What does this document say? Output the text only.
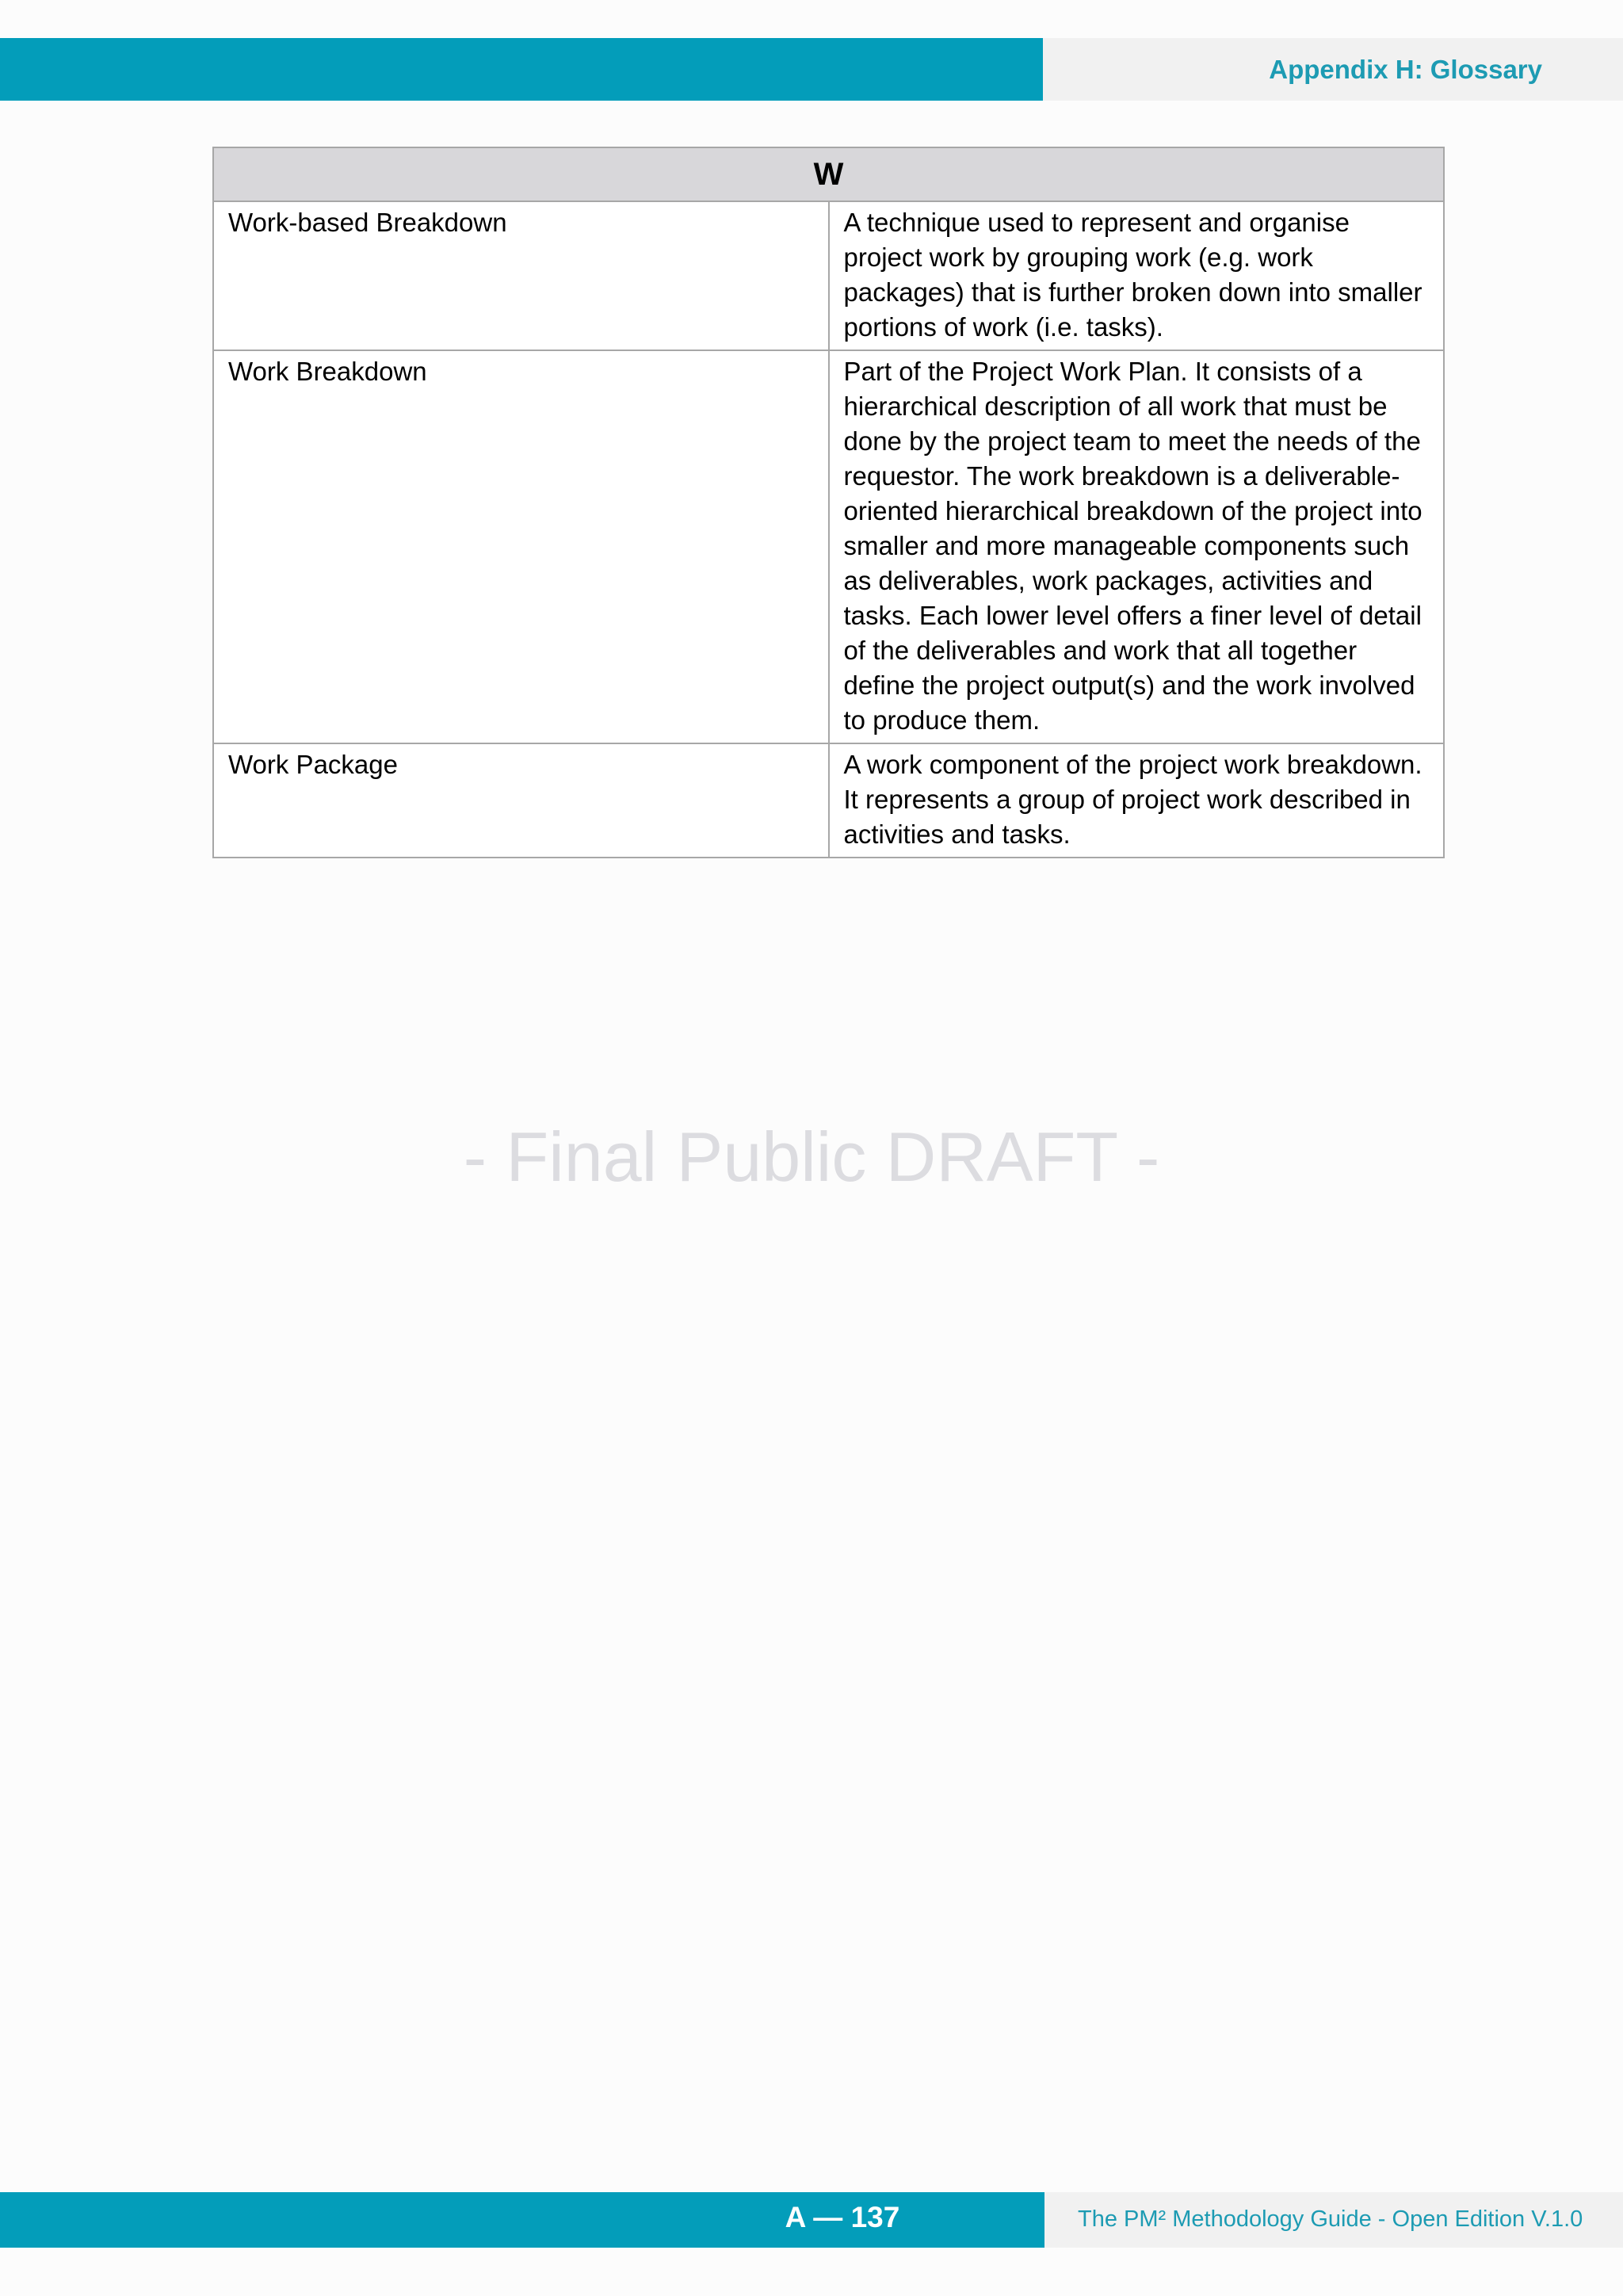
Appendix H: Glossary
W	
Work-based Breakdown	A technique used to represent and organise project work by grouping work (e.g. work packages) that is further broken down into smaller portions of work (i.e. tasks).
Work Breakdown	Part of the Project Work Plan. It consists of a hierarchical description of all work that must be done by the project team to meet the needs of the requestor. The work breakdown is a deliverable-oriented hierarchical breakdown of the project into smaller and more manageable components such as deliverables, work packages, activities and tasks. Each lower level offers a finer level of detail of the deliverables and work that all together define the project output(s) and the work involved to produce them.
Work Package	A work component of the project work breakdown. It represents a group of project work described in activities and tasks.
- Final Public DRAFT -
A — 137	The PM² Methodology Guide - Open Edition V.1.0
